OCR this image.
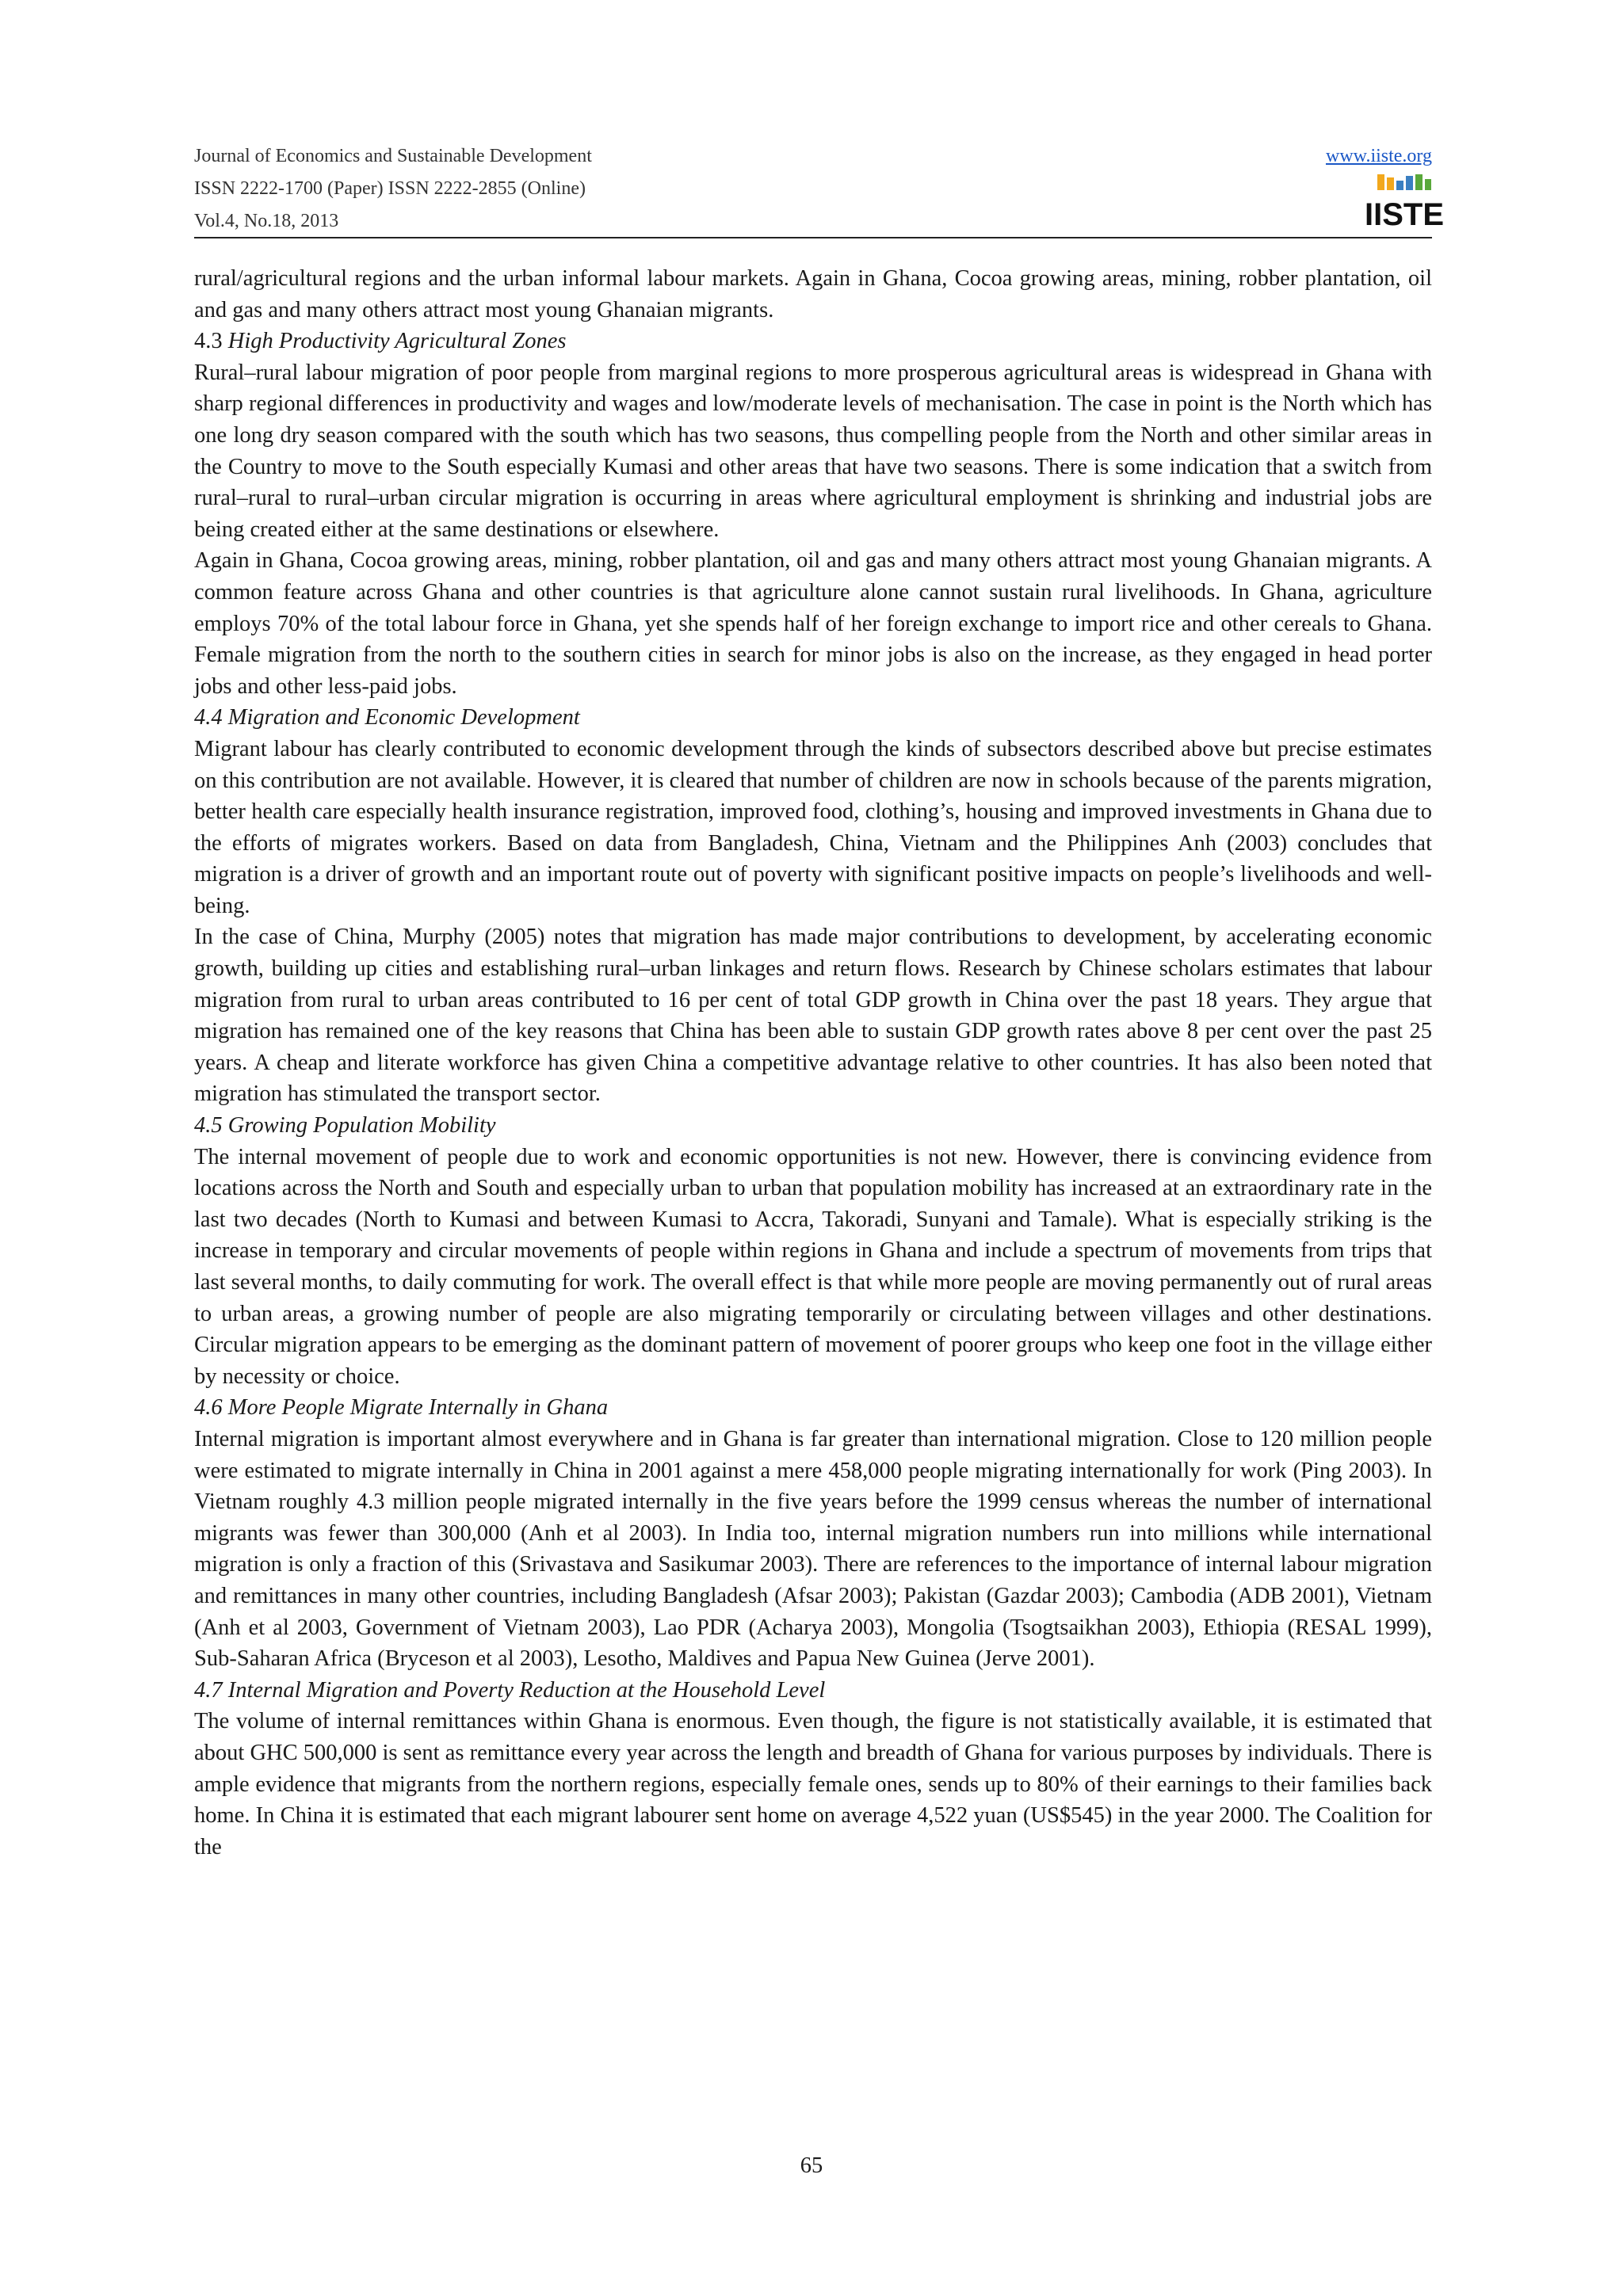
Journal of Economics and Sustainable Development
ISSN 2222-1700 (Paper) ISSN 2222-2855 (Online)
Vol.4, No.18, 2013
www.iiste.org
IISTE

rural/agricultural regions and the urban informal labour markets. Again in Ghana, Cocoa growing areas, mining, robber plantation, oil and gas and many others attract most young Ghanaian migrants.

4.3 High Productivity Agricultural Zones

Rural–rural labour migration of poor people from marginal regions to more prosperous agricultural areas is widespread in Ghana with sharp regional differences in productivity and wages and low/moderate levels of mechanisation. The case in point is the North which has one long dry season compared with the south which has two seasons, thus compelling people from the North and other similar areas in the Country to move to the South especially Kumasi and other areas that have two seasons. There is some indication that a switch from rural–rural to rural–urban circular migration is occurring in areas where agricultural employment is shrinking and industrial jobs are being created either at the same destinations or elsewhere.

Again in Ghana, Cocoa growing areas, mining, robber plantation, oil and gas and many others attract most young Ghanaian migrants. A common feature across Ghana and other countries is that agriculture alone cannot sustain rural livelihoods. In Ghana, agriculture employs 70% of the total labour force in Ghana, yet she spends half of her foreign exchange to import rice and other cereals to Ghana. Female migration from the north to the southern cities in search for minor jobs is also on the increase, as they engaged in head porter jobs and other less-paid jobs.

4.4 Migration and Economic Development

Migrant labour has clearly contributed to economic development through the kinds of subsectors described above but precise estimates on this contribution are not available. However, it is cleared that number of children are now in schools because of the parents migration, better health care especially health insurance registration, improved food, clothing’s, housing and improved investments in Ghana due to the efforts of migrates workers. Based on data from Bangladesh, China, Vietnam and the Philippines Anh (2003) concludes that migration is a driver of growth and an important route out of poverty with significant positive impacts on people’s livelihoods and well-being.

In the case of China, Murphy (2005) notes that migration has made major contributions to development, by accelerating economic growth, building up cities and establishing rural–urban linkages and return flows. Research by Chinese scholars estimates that labour migration from rural to urban areas contributed to 16 per cent of total GDP growth in China over the past 18 years. They argue that migration has remained one of the key reasons that China has been able to sustain GDP growth rates above 8 per cent over the past 25 years. A cheap and literate workforce has given China a competitive advantage relative to other countries. It has also been noted that migration has stimulated the transport sector.

4.5 Growing Population Mobility

The internal movement of people due to work and economic opportunities is not new. However, there is convincing evidence from locations across the North and South and especially urban to urban that population mobility has increased at an extraordinary rate in the last two decades (North to Kumasi and between Kumasi to Accra, Takoradi, Sunyani and Tamale). What is especially striking is the increase in temporary and circular movements of people within regions in Ghana and include a spectrum of movements from trips that last several months, to daily commuting for work. The overall effect is that while more people are moving permanently out of rural areas to urban areas, a growing number of people are also migrating temporarily or circulating between villages and other destinations. Circular migration appears to be emerging as the dominant pattern of movement of poorer groups who keep one foot in the village either by necessity or choice.

4.6 More People Migrate Internally in Ghana

Internal migration is important almost everywhere and in Ghana is far greater than international migration. Close to 120 million people were estimated to migrate internally in China in 2001 against a mere 458,000 people migrating internationally for work (Ping 2003). In Vietnam roughly 4.3 million people migrated internally in the five years before the 1999 census whereas the number of international migrants was fewer than 300,000 (Anh et al 2003). In India too, internal migration numbers run into millions while international migration is only a fraction of this (Srivastava and Sasikumar 2003). There are references to the importance of internal labour migration and remittances in many other countries, including Bangladesh (Afsar 2003); Pakistan (Gazdar 2003); Cambodia (ADB 2001), Vietnam (Anh et al 2003, Government of Vietnam 2003), Lao PDR (Acharya 2003), Mongolia (Tsogtsaikhan 2003), Ethiopia (RESAL 1999), Sub-Saharan Africa (Bryceson et al 2003), Lesotho, Maldives and Papua New Guinea (Jerve 2001).

4.7 Internal Migration and Poverty Reduction at the Household Level

The volume of internal remittances within Ghana is enormous. Even though, the figure is not statistically available, it is estimated that about GHC 500,000 is sent as remittance every year across the length and breadth of Ghana for various purposes by individuals. There is ample evidence that migrants from the northern regions, especially female ones, sends up to 80% of their earnings to their families back home. In China it is estimated that each migrant labourer sent home on average 4,522 yuan (US$545) in the year 2000. The Coalition for the

65
